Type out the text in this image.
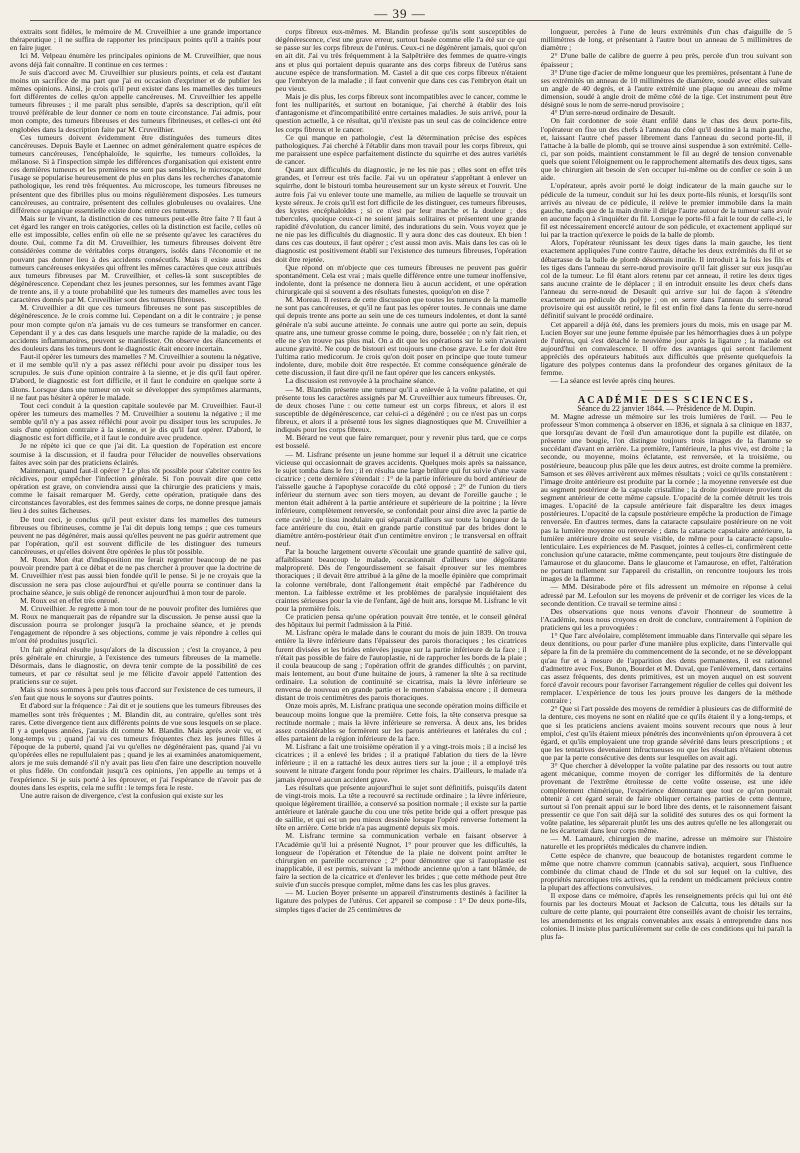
— 39 —

extraits sont fidèles, le mémoire de M. Cruveilhier a une grande importance thérapeutique ; il ne suffira de rapporter les principaux points qu'il a traités pour en faire juger.

Ici M. Velpeau énumère les principales opinions de M. Cruveilhier, que nous avons déjà fait connaître. Il continue en ces termes :

Je suis d'accord avec M. Cruveilhier sur plusieurs points, et cela est d'autant moins un sacrifice de ma part que j'ai eu occasion d'exprimer et de publier les mêmes opinions. Ainsi, je crois qu'il peut exister dans les mamelles des tumeurs fort différentes de celles qu'on appelle cancéreuses. M. Cruveilhier les appelle tumeurs fibreuses ; il me paraît plus sensible, d'après sa description, qu'il eût trouvé préférable de leur donner ce nom en toute circonstance. J'ai admis, pour mon compte, des tumeurs fibreuses et des tumeurs fibrineuses, et celles-ci ont été englobées dans la description faite par M. Cruveilhier.

Ces tumeurs doivent évidemment être distinguées des tumeurs dites cancéreuses. Depuis Bayle et Laennec on admet généralement quatre espèces de tumeurs cancéreuses, l'encéphaloïde, le squirrhe, les tumeurs colloïdes, la mélanose. Si à l'inspection simple les différences d'organisation qui existent entre ces dernières tumeurs et les premières ne sont pas sensibles, le microscope, dont l'usage se popularise heureusement de plus en plus dans les recherches d'anatomie pathologique, les rend très fréquentes. Au microscope, les tumeurs fibreuses ne présentent que des fibrilles plus ou moins régulièrement disposées. Les tumeurs cancéreuses, au contraire, présentent des cellules globuleuses ou ovalaires. Une différence organique essentielle existe donc entre ces tumeurs.

Mais sur le vivant, la distinction de ces tumeurs peut-elle être faite ? Il faut à cet égard les ranger en trois catégories, celles où la distinction est facile, celles où elle est impossible, celles enfin où elle ne se présente qu'avec les caractères du doute. Oui, comme l'a dit M. Cruveilhier, les tumeurs fibreuses doivent être considérées comme de véritables corps étrangers, isolés dans l'économie et ne pouvant pas donner lieu à des accidents consécutifs. Mais il existe aussi des tumeurs cancéreuses enkystées qui offrent les mêmes caractères que ceux attribués aux tumeurs fibreuses par M. Cruveilhier, et celles-là sont susceptibles de dégénérescence. Cependant chez les jeunes personnes, sur les femmes avant l'âge de trente ans, il y a toute probabilité que les tumeurs des mamelles avec tous les caractères donnés par M. Cruveilhier sont des tumeurs fibreuses.

M. Cruveilhier a dit que ces tumeurs fibreuses ne sont pas susceptibles de dégénérescence. Je le crois comme lui. Cependant on a dit le contraire ; je pense pour mon compte qu'on n'a jamais vu de ces tumeurs se transformer en cancer. Cependant il y a des cas dans lesquels une marche rapide de la maladie, ou des accidents inflammatoires, peuvent se manifester. On observe des élancements et des douleurs dans les tumeurs dont le diagnostic était encore incertain.

Faut-il opérer les tumeurs des mamelles ? M. Cruveilhier a soutenu la négative, et il me semble qu'il n'y a pas assez réfléchi pour avoir pu dissiper tous les scrupules. Je suis d'une opinion contraire à la sienne, et je dis qu'il faut opérer. D'abord, le diagnostic est fort difficile, et il faut le conduire en quelque sorte à tâtons. Lorsque dans une tumeur on voit se développer des symptômes alarmants, il ne faut pas hésiter à opérer le malade.

Tout ceci conduit à la question capitale soulevée par M. Cruveilhier. Faut-il opérer les tumeurs des mamelles ? M. Cruveilhier a soutenu la négative ; il me semble qu'il n'y a pas assez réfléchi pour avoir pu dissiper tous les scrupules. Je suis d'une opinion contraire à la sienne, et je dis qu'il faut opérer. D'abord, le diagnostic est fort difficile, et il faut le conduire avec prudence.

Je ne répète ici que ce que j'ai dit. La question de l'opération est encore soumise à la discussion, et il faudra pour l'élucider de nouvelles observations faites avec soin par des praticiens éclairés.

Maintenant, quand faut-il opérer ? Le plus tôt possible pour s'abriter contre les récidives, pour empêcher l'infection générale. Si l'on pouvait dire que cette opération est grave, on conviendra aussi que la chirurgie des praticiens y mais, comme le faisait remarquer M. Gerdy, cette opération, pratiquée dans des circonstances favorables, est des femmes saines de corps, ne donne presque jamais lieu à des suites fâcheuses.

De tout ceci, je conclus qu'il peut exister dans les mamelles des tumeurs fibreuses ou fibrineuses, comme je l'ai dit depuis long temps ; que ces tumeurs peuvent ne pas dégénérer, mais aussi qu'elles peuvent ne pas guérir autrement que par l'opération, qu'il est souvent difficile de les distinguer des tumeurs cancéreuses, et qu'elles doivent être opérées le plus tôt possible.

M. Roux. Mon état d'indisposition me ferait regretter beaucoup de ne pas pouvoir prendre part à ce débat et de ne pas chercher à prouver que la doctrine de M. Cruveilhier n'est pas aussi bien fondée qu'il le pense. Si je ne croyais que la discussion ne sera pas close aujourd'hui et qu'elle pourra se continuer dans la prochaine séance, je suis obligé de renoncer aujourd'hui à mon tour de parole.

M. Roux est en effet très enroué.

M. Cruveilhier. Je regrette à mon tour de ne pouvoir profiter des lumières que M. Roux ne manquerait pas de répandre sur la discussion. Je pense aussi que la discussion pourra se prolonger jusqu'à la prochaine séance, et je prends l'engagement de répondre à ses objections, comme je vais répondre à celles qui m'ont été produites jusqu'ici.

Un fait général résulte jusqu'alors de la discussion ; c'est la croyance, à peu près générale en chirurgie, à l'existence des tumeurs fibreuses de la mamelle. Désormais, dans le diagnostic, on devra tenir compte de la possibilité de ces tumeurs, et par ce résultat seul je me félicite d'avoir appelé l'attention des praticiens sur ce sujet.

Mais si nous sommes à peu près tous d'accord sur l'existence de ces tumeurs, il s'en faut que nous le soyons sur d'autres points.

Et d'abord sur la fréquence : J'ai dit et je soutiens que les tumeurs fibreuses des mamelles sont très fréquentes ; M. Blandin dit, au contraire, qu'elles sont très rares. Cette divergence tient aux différents points de vue sous lesquels on se place. Il y a quelques années, j'aurais dit comme M. Blandin. Mais après avoir vu, et long-temps vu ; quand j'ai vu ces tumeurs fréquentes chez les jeunes filles à l'époque de la puberté, quand j'ai vu qu'elles ne dégénéraient pas, quand j'ai vu qu'opérées elles ne repullulaient pas ; quand je les ai examinées anatomiquement, alors je me suis demandé s'il n'y avait pas lieu d'en faire une description nouvelle et plus fidèle. On confondait jusqu'à ces opinions, j'en appelle au temps et à l'expérience. Si je suis porté à les éprouver, et j'ai l'espérance de n'avoir pas de doutes dans les esprits, cela me suffit : le temps fera le reste.

Une autre raison de divergence, c'est la confusion qui existe sur les

corps fibreux eux-mêmes. M. Blandin professe qu'ils sont susceptibles de dégénérescence, c'est une grave erreur, surtout basée comme elle l'a été sur ce qui se passe sur les corps fibreux de l'utérus. Ceux-ci ne dégénèrent jamais, quoi qu'on en ait dit. J'ai vu très fréquemment à la Salpêtrière des femmes de quatre-vingts ans et plus qui portaient depuis quarante ans des corps fibreux de l'utérus sans aucune espèce de transformation. M. Castel a dit que ces corps fibreux n'étaient que l'embryon de la maladie ; il faut convenir que dans ces cas l'embryon était un peu vieux.

Mais je dis plus, les corps fibreux sont incompatibles avec le cancer, comme le font les nulliparités, et surtout en botanique, j'ai cherché à établir des lois d'antagonisme et d'incompatibilité entre certaines maladies. Je suis arrivé, pour la question actuelle, à ce résultat, qu'il n'existe pas un seul cas de coïncidence entre les corps fibreux et le cancer.

Ce qui manque en pathologie, c'est la détermination précise des espèces pathologiques. J'ai cherché à l'établir dans mon travail pour les corps fibreux, qui me paraissent une espèce parfaitement distincte du squirrhe et des autres variétés de cancer.

Quant aux difficultés du diagnostic, je ne les nie pas ; elles sont en effet très grandes, et l'erreur est très facile. J'ai vu un opérateur s'apprêtant à enlever un squirrhe, dont le bistouri tomba heureusement sur un kyste séreux et l'ouvrit. Une autre fois j'ai vu enlever toute une mamelle, au milieu de laquelle se trouvait un kyste séreux. Je crois qu'il est fort difficile de les distinguer, ces tumeurs fibreuses, des kystes encéphaloïdes ; si ce n'est par leur marche et la douleur ; des tubercules, quoique ceux-ci ne soient jamais solitaires et présentent une grande rapidité d'évolution, du cancer limité, des indurations du sein. Vous voyez que je ne nie pas les difficultés du diagnostic. Il y aura donc des cas douteux. Eh bien ! dans ces cas douteux, il faut opérer ; c'est aussi mon avis. Mais dans les cas où le diagnostic est positivement établi sur l'existence des tumeurs fibreuses, l'opération doit être rejetée.

Que répond on m'objecte que ces tumeurs fibreuses ne peuvent pas guérir spontanément. Cela est vrai ; mais quelle différence entre une tumeur inoffensive, indolente, dont la présence ne donnera lieu à aucun accident, et une opération chirurgicale qui si souvent a des résultats funestes, quoiqu'on en dise ?

M. Moreau. Il restera de cette discussion que toutes les tumeurs de la mamelle ne sont pas cancéreuses, et qu'il ne faut pas les opérer toutes. Je connais une dame qui depuis trente ans porte au sein une de ces tumeurs indolentes, et dont la santé générale n'a subi aucune atteinte. Je connais une autre qui porte au sein, depuis quatre ans, une tumeur grosse comme le poing, dure, bosselée ; on n'y fait rien, et elle ne s'en trouve pas plus mal. On a dit que les opérations sur le sein n'avaient aucune gravité. Ne coup de bistouri est toujours une chose grave. Le fer doit être l'ultima ratio medicorum. Je crois qu'on doit poser en principe que toute tumeur indolente, dure, mobile doit être respectée. Et comme conséquence générale de cette discussion, il faut dire qu'il ne faut opérer que les cancers enkystés.

La discussion est renvoyée à la prochaine séance.

— M. Blandin présente une tumeur qu'il a enlevée à la voûte palatine, et qui présente tous les caractères assignés par M. Cruveilhier aux tumeurs fibreuses. Or, de deux choses l'une : ou cette tumeur est un corps fibreux, et alors il est susceptible de dégénérescence, car celui-ci a dégénéré ; ou ce n'est pas un corps fibreux, et alors il a présenté tous les signes diagnostiques que M. Cruveilhier a indiqués pour les corps fibreux.

M. Bérard ne veut que faire remarquer, pour y revenir plus tard, que ce corps est bosselé.

— M. Lisfranc présente un jeune homme sur lequel il a détruit une cicatrice vicieuse qui occasionnait de graves accidents. Quelques mois après sa naissance, le sujet tomba dans le feu ; il en résulta une large brûlure qui fut suivie d'une vaste cicatrice ; cette dernière s'étendait : 1° de la partie inférieure du bord antérieur de l'aisselle gauche à l'apophyse coracoïde du côté opposé ; 2° de l'union du tiers inférieur du sternum avec son tiers moyen, au devant de l'oreille gauche ; le menton était adhérent à la partie antérieure et supérieure de la poitrine ; la lèvre inférieure, complètement renversée, se confondait pour ainsi dire avec la partie de cette cavité ; le tissu inodulaire qui séparait d'ailleurs sur toute la longueur de la face antérieure du cou, était en grande partie constitué par des brides dont le diamètre antéro-postérieur était d'un centimètre environ ; le transversal en offrait neuf.

Par la bouche largement ouverte s'écoulait une grande quantité de salive qui, affaiblissant beaucoup le malade, occasionnait d'ailleurs une dégoûtante malpropreté. Dès de l'engourdissement se faisait éprouver sur les membres thoraciques ; il devait être attribué à la gêne de la moelle épinière que comprimait la colonne vertébrale, dont l'allongement était empêché par l'adhérence du menton. La faiblesse extrême et les problèmes de paralysie inquiétaient des craintes sérieuses pour la vie de l'enfant, âgé de huit ans, lorsque M. Lisfranc le vit pour la première fois.

Ce praticien pensa qu'une opération pouvait être tentée, et le conseil général des hôpitaux lui permit l'admission à la Pitié.

M. Lisfranc opéra le malade dans le courant du mois de juin 1839. On trouva entière la lèvre inférieure dans l'épaisseur des parois thoraciques ; les cicatrices furent divisées et les brides enlevées jusque sur la partie inférieure de la face ; il n'était pas possible de faire de l'autoplastie, ni de rapprocher les bords de la plaie ; il coula beaucoup de sang ; l'opération offrit de grandes difficultés ; on parvint, mais lentement, au bout d'une huitaine de jours, à ramener la tête à sa rectitude ordinaire. La solution de continuité se cicatrisa, mais la lèvre inférieure se renversa de nouveau en grande partie et le menton s'abaissa encore ; il demeura distant de trois centimètres des parois thoraciques.

Onze mois après, M. Lisfranc pratiqua une seconde opération moins difficile et beaucoup moins longue que la première. Cette fois, la tête conserva presque sa rectitude normale ; mais la lèvre inférieure se renversa. À deux ans, les brides assez considérables se formèrent sur les parois antérieures et latérales du col ; elles partaient de la région inférieure de la face.

M. Lisfranc a fait une troisième opération il y a vingt-trois mois ; il a incisé les cicatrices ; il a enlevé les brides ; il a pratiqué l'ablation du tiers de la lèvre inférieure ; il en a rattaché les deux autres tiers sur la joue ; il a employé très souvent le nitrate d'argent fondu pour réprimer les chairs. D'ailleurs, le malade n'a jamais éprouvé aucun accident grave.

Les résultats que présente aujourd'hui le sujet sont définitifs, puisqu'ils datent de vingt-trois mois. La tête a recouvré sa rectitude ordinaire ; la lèvre inférieure, quoique légèrement tiraillée, a conservé sa position normale ; il existe sur la partie antérieure et latérale gauche du cou une très petite bride qui a offert presque pas de saillie, et qui est un peu mieux dessinée lorsque l'opéré renverse fortement la tête en arrière. Cette bride n'a pas augmenté depuis six mois.

M. Lisfranc termine sa communication verbale en faisant observer à l'Académie qu'il lui a présenté Nugnot, 1° pour prouver que les difficultés, la longueur de l'opération et l'étendue de la plaie ne doivent point arrêter le chirurgien en pareille occurrence ; 2° pour démontrer que si l'autoplastie est inapplicable, il est permis, suivant la méthode ancienne qu'on a tant blâmée, de faire la section de la cicatrice et d'enlever les brides ; que cette méthode peut être suivie d'un succès presque complet, même dans les cas les plus graves.

— M. Lucien Boyer présente un appareil d'instruments destinés à faciliter la ligature des polypes de l'utérus. Cet appareil se compose : 1° De deux porte-fils, simples tiges d'acier de 25 centimètres de

longueur, percées à l'une de leurs extrémités d'un chas d'aiguille de 5 millimètres de long, et présentant à l'autre bout un anneau de 5 millimètres de diamètre ;

2° D'une balle de calibre de guerre à peu près, percée d'un trou suivant son épaisseur ;

3° D'une tige d'acier de même longueur que les premières, présentant à l'une de ses extrémités un anneau de 10 millimètres de diamètre, soudé avec elles suivant un angle de 40 degrés, et à l'autre extrémité une plaque ou anneau de même dimension, soudé à angle droit de même côté de la tige. Cet instrument peut être désigné sous le nom de serre-nœud provisoire ;

4° D'un serre-nœud ordinaire de Desault.

On fait cordonner de soie étant enfilé dans le chas des deux porte-fils, l'opérateur en fixe un des chefs à l'anneau du côté qu'il destine à la main gauche, et, laissant l'autre chef passer librement dans l'anneau du second porte-fil, il l'attache à la balle de plomb, qui se trouve ainsi suspendue à son extrémité. Celle-ci, par son poids, maintient constamment le fil au degré de tension convenable quels que soient l'éloignement ou le rapprochement alternatifs des deux tiges, sans que le chirurgien ait besoin de s'en occuper lui-même ou de confier ce soin à un aide.

L'opérateur, après avoir porté le doigt indicateur de la main gauche sur le pédicule de la tumeur, conduit sur lui les deux porte-fils réunis, et lorsqu'ils sont arrivés au niveau de ce pédicule, il relève le premier immobile dans la main gauche, tandis que de la main droite il dirige l'autre autour de la tumeur sans avoir en aucune façon à s'inquiéter du fil. Lorsque le porte-fil a fait le tour de celle-ci, le fil est nécessairement encerclé autour de son pédicule, et exactement appliqué sur lui par la traction qu'exerce le poids de la balle de plomb.

Alors, l'opérateur réunissant les deux tiges dans la main gauche, les tient exactement appliquées l'une contre l'autre, détache les deux extrémités du fil et se débarrasse de la balle de plomb désormais inutile. Il introduit à la fois les fils et les tiges dans l'anneau du serre-nœud provisoire qu'il fait glisser sur eux jusqu'au col de la tumeur. Le fil étant alors retenu par cet anneau, il retire les deux tiges sans aucune crainte de le déplacer ; il en introduit ensuite les deux chefs dans l'anneau du serre-nœud de Desault qui arrive sur lui de façon à s'étendre exactement au pédicule du polype ; on en serre dans l'anneau du serre-nœud provisoire qui est aussitôt retiré, le fil est enfin fixé dans la fente du serre-nœud définitif suivant le procédé ordinaire.

Cet appareil a déjà été, dans les premiers jours du mois, mis en usage par M. Lucien Boyer sur une jeune femme épuisée par les hémorrhagies dues à un polype de l'utérus, qui s'est détaché le neuvième jour après la ligature ; la malade est aujourd'hui en convalescence. Il offre des avantages qui seront facilement appréciés des opérateurs habitués aux difficultés que présente quelquefois la ligature des polypes contenus dans la profondeur des organes génitaux de la femme.

— La séance est levée après cinq heures.

ACADÉMIE DES SCIENCES.

Séance du 22 janvier 1844. — Présidence de M. Dupin.

M. Magne adresse un mémoire sur les trois lumières de l'œil. — Peu le professeur S'mon commença à observer en 1836, et signala à sa clinique en 1837, que lorsqu'au devant de l'œil d'un amaurotique dont la pupille est dilatée, on présente une bougie, l'on distingue toujours trois images de la flamme se succédant d'avant en arrière. La première, l'antérieure, la plus vive, est droite ; la seconde, ou moyenne, moins éclatante, est renversée, et la troisième, ou postérieure, beaucoup plus pâle que les deux autres, est droite comme la première. Samson et ses élèves arrivèrent aux mêmes résultats ; voici ce qu'ils constatèrent : l'image droite antérieure est produite par la cornée ; la moyenne renversée est due au segment postérieur de la capsule cristalline ; la droite postérieure provient du segment antérieur de cette même capsule. L'opacité de la cornée détruit les trois images. L'opacité de la capsule antérieure fait disparaître les deux images postérieures. L'opacité de la capsule postérieure empêche la production de l'image renversée. En d'autres termes, dans la cataracte capsulaire postérieure on ne voit pas la lumière moyenne ou renversée ; dans la cataracte capsulaire antérieure, la lumière antérieure droite est seule visible, de même pour la cataracte capsulo-lenticulaire. Les expériences de M. Pasquet, jointes à celles-ci, confirmèrent cette conclusion qu'une cataracte, même commençante, peut toujours être distinguée de l'amaurose et du glaucome. Dans le glaucome et l'amaurose, en effet, l'altération ne portant nullement sur l'appareil du cristallin, on rencontre toujours les trois images de la flamme.

— MM. Désirabode père et fils adressent un mémoire en réponse à celui adressé par M. Lefoulon sur les moyens de prévenir et de corriger les vices de la seconde dentition. Ce travail se termine ainsi :

Des observations que nous venons d'avoir l'honneur de soumettre à l'Académie, nous nous croyons en droit de conclure, contrairement à l'opinion de praticiens qui les a provoquées :

1° Que l'arc alvéolaire, complètement immuable dans l'intervalle qui sépare les deux dentitions, ou pour parler d'une manière plus explicite, dans l'intervalle qui sépare la fin de la première du commencement de la seconde, et ne se développant qu'au fur et à mesure de l'apparition des dents permanentes, il est rationnel d'admettre avec Fox, Bunon, Bourdet et M. Duval, que l'enlèvement, dans certains cas assez fréquents, des dents primitives, est un moyen auquel on est souvent forcé d'avoir recours pour favoriser l'arrangement régulier de celles qui doivent les remplacer. L'expérience de tous les jours prouve les dangers de la méthode contraire ;

2° Que si l'art possède des moyens de remédier à plusieurs cas de difformité de la denture, ces moyens ne sont en réalité que ce qu'ils étaient il y a long-temps, et que si les praticiens anciens avaient moins souvent recours que nous à leur emploi, c'est qu'ils étaient mieux pénétrés des inconvénients qu'on éprouvera à cet égard, et qu'ils employaient une trop grande sévérité dans leurs prescriptions ; et que les tentatives devenaient infructueuses ou que les résultats n'étaient obtenus que par la perte consécutive des dents sur lesquelles on avait agi.

3° Que chercher à développer la voûte palatine par des ressorts ou tout autre agent mécanique, comme moyen de corriger les difformités de la denture provenant de l'extrême étroitesse de cette voûte osseuse, est une idée complètement chimérique, l'expérience démontrant que tout ce qu'on pourrait obtenir à cet égard serait de faire obliquer certaines parties de cette denture, surtout si l'on prenait appui sur le bord libre des dents, et le raisonnement faisant pressentir ce que l'on sait déjà sur la solidité des sutures des os qui forment la voûte palatine, les séparerait plutôt les uns des autres qu'elle ne les allongerait ou ne les écarterait dans leur corps même.

— M. Lamauré, chirurgien de marine, adresse un mémoire sur l'histoire naturelle et les propriétés médicales du chanvre indien.

Cette espèce de chanvre, que beaucoup de botanistes regardent comme le même que notre chanvre commun (cannabis sativa), acquiert, sous l'influence combinée du climat chaud de l'Inde et du sol sur lequel on la cultive, des propriétés narcotiques très actives, qui la rendent un médicament précieux contre la plupart des affections convulsives.

Il expose dans ce mémoire, d'après les renseignements précis qui lui ont été fournis par les docteurs Mouat et Jackson de Calcutta, tous les détails sur la culture de cette plante, qui pourraient être conseillés avant de choisir les terrains, les amendements et les engrais convenables aux essais à entreprendre dans nos colonies. Il insiste plus particulièrement sur celle de ces conditions qui lui paraît la plus fa-
